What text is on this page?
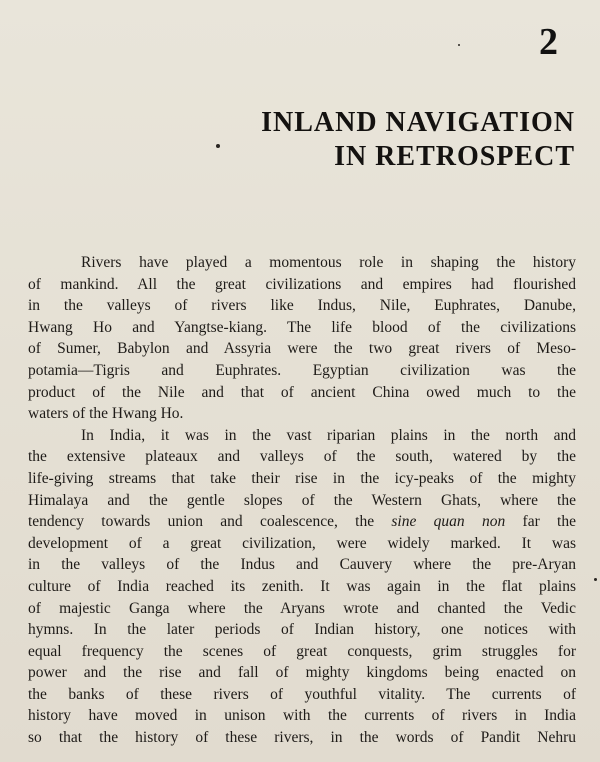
2
INLAND NAVIGATION
IN RETROSPECT
Rivers have played a momentous role in shaping the history
of mankind. All the great civilizations and empires had flourished
in the valleys of rivers like Indus, Nile, Euphrates, Danube,
Hwang Ho and Yangtse-kiang. The life blood of the civilizations
of Sumer, Babylon and Assyria were the two great rivers of Meso-
potamia—Tigris and Euphrates. Egyptian civilization was the
product of the Nile and that of ancient China owed much to the
waters of the Hwang Ho.
In India, it was in the vast riparian plains in the north and
the extensive plateaux and valleys of the south, watered by the
life-giving streams that take their rise in the icy-peaks of the mighty
Himalaya and the gentle slopes of the Western Ghats, where the
tendency towards union and coalescence, the sine quan non far the
development of a great civilization, were widely marked. It was
in the valleys of the Indus and Cauvery where the pre-Aryan
culture of India reached its zenith. It was again in the flat plains
of majestic Ganga where the Aryans wrote and chanted the Vedic
hymns. In the later periods of Indian history, one notices with
equal frequency the scenes of great conquests, grim struggles for
power and the rise and fall of mighty kingdoms being enacted on
the banks of these rivers of youthful vitality. The currents of
history have moved in unison with the currents of rivers in India
so that the history of these rivers, in the words of Pandit Nehru
